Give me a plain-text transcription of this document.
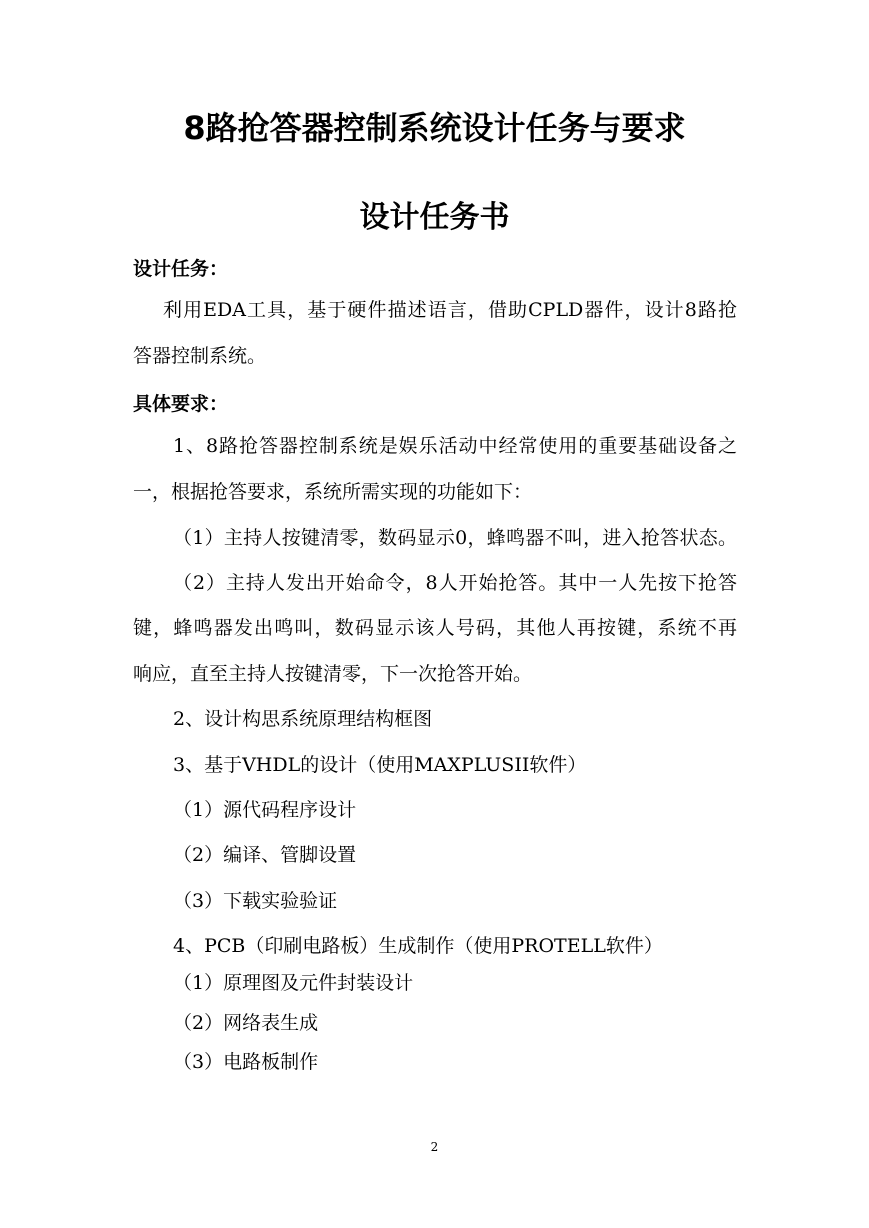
8路抢答器控制系统设计任务与要求
设计任务书
设计任务：
利用EDA工具，基于硬件描述语言，借助CPLD器件，设计8路抢
答器控制系统。
具体要求：
1、8路抢答器控制系统是娱乐活动中经常使用的重要基础设备之
一，根据抢答要求，系统所需实现的功能如下：
（1）主持人按键清零，数码显示0，蜂鸣器不叫，进入抢答状态。
（2）主持人发出开始命令，8人开始抢答。其中一人先按下抢答
键，蜂鸣器发出鸣叫，数码显示该人号码，其他人再按键，系统不再
响应，直至主持人按键清零，下一次抢答开始。
2、设计构思系统原理结构框图
3、基于VHDL的设计（使用MAXPLUSII软件）
（1）源代码程序设计
（2）编译、管脚设置
（3）下载实验验证
4、PCB（印刷电路板）生成制作（使用PROTELL软件）
（1）原理图及元件封装设计
（2）网络表生成
（3）电路板制作
2
